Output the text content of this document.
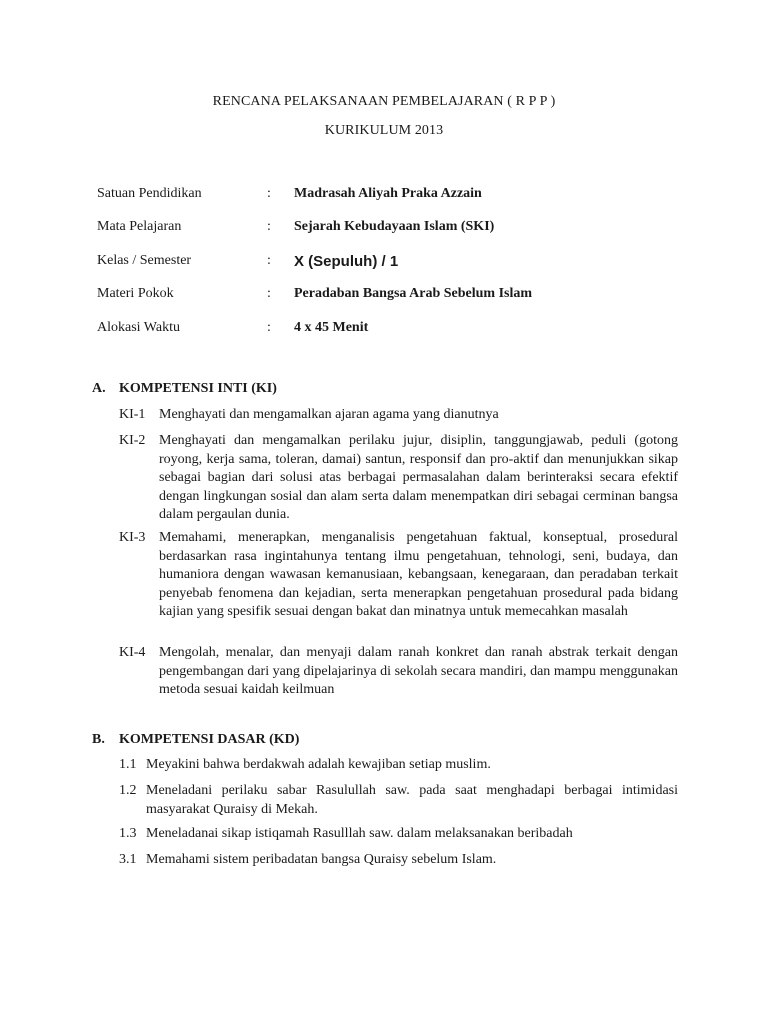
RENCANA PELAKSANAAN PEMBELAJARAN ( R P P )
KURIKULUM 2013
Satuan Pendidikan	:	Madrasah Aliyah Praka Azzain
Mata Pelajaran	:	Sejarah Kebudayaan Islam (SKI)
Kelas / Semester	:	X (Sepuluh) / 1
Materi Pokok	:	Peradaban Bangsa Arab Sebelum Islam
Alokasi Waktu	:	4 x 45 Menit
A. KOMPETENSI INTI (KI)
KI-1 Menghayati dan mengamalkan ajaran agama yang dianutnya
KI-2 Menghayati dan mengamalkan perilaku jujur, disiplin, tanggungjawab, peduli (gotong royong, kerja sama, toleran, damai) santun, responsif dan pro-aktif dan menunjukkan sikap sebagai bagian dari solusi atas berbagai permasalahan dalam berinteraksi secara efektif dengan lingkungan sosial dan alam serta dalam menempatkan diri sebagai cerminan bangsa dalam pergaulan dunia.
KI-3 Memahami, menerapkan, menganalisis pengetahuan faktual, konseptual, prosedural berdasarkan rasa ingintahunya tentang ilmu pengetahuan, tehnologi, seni, budaya, dan humaniora dengan wawasan kemanusiaan, kebangsaan, kenegaraan, dan peradaban terkait penyebab fenomena dan kejadian, serta menerapkan pengetahuan prosedural pada bidang kajian yang spesifik sesuai dengan bakat dan minatnya untuk memecahkan masalah
KI-4 Mengolah, menalar, dan menyaji dalam ranah konkret dan ranah abstrak terkait dengan pengembangan dari yang dipelajarinya di sekolah secara mandiri, dan mampu menggunakan metoda sesuai kaidah keilmuan
B.	KOMPETENSI DASAR (KD)
1.1 Meyakini bahwa berdakwah adalah kewajiban setiap muslim.
1.2 Meneladani perilaku sabar Rasulullah saw. pada saat menghadapi berbagai intimidasi masyarakat Quraisy di Mekah.
1.3 Meneladanai sikap istiqamah Rasulllah saw. dalam melaksanakan beribadah
3.1 Memahami sistem peribadatan bangsa Quraisy sebelum Islam.
